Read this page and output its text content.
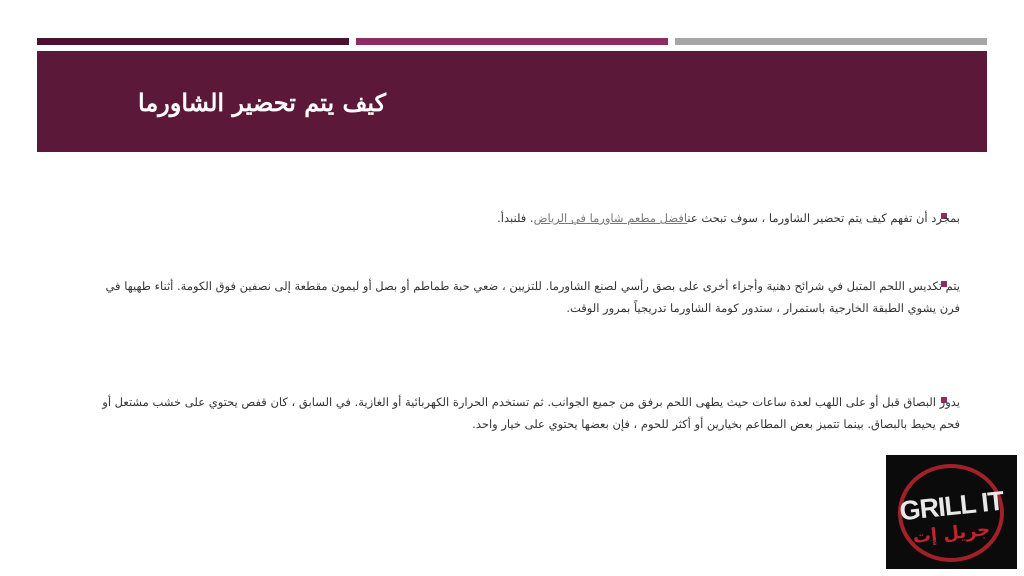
كيف يتم تحضير الشاورما
بمجرد أن تفهم كيف يتم تحضير الشاورما ، سوف تبحث عنافضل مطعم شاورما في الرياض. فلنبدأ.
يتم تكديس اللحم المتبل في شرائح دهنية وأجزاء أخرى على بصق رأسي لصنع الشاورما. للتزيين ، ضعي حبة طماطم أو بصل أو ليمون مقطعة إلى نصفين فوق الكومة. أثناء طهيها في فرن يشوي الطبقة الخارجية باستمرار ، ستدور كومة الشاورما تدريجياً بمرور الوقت.
يدور البصاق قبل أو على اللهب لعدة ساعات حيث يطهى اللحم برفق من جميع الجوانب. ثم تستخدم الحرارة الكهربائية أو الغازية. في السابق ، كان قفص يحتوي على خشب مشتعل أو فحم يحيط بالبصاق. بينما تتميز بعض المطاعم بخيارين أو أكثر للحوم ، فإن بعضها يحتوي على خيار واحد.
GRILL IT
جريل إت
